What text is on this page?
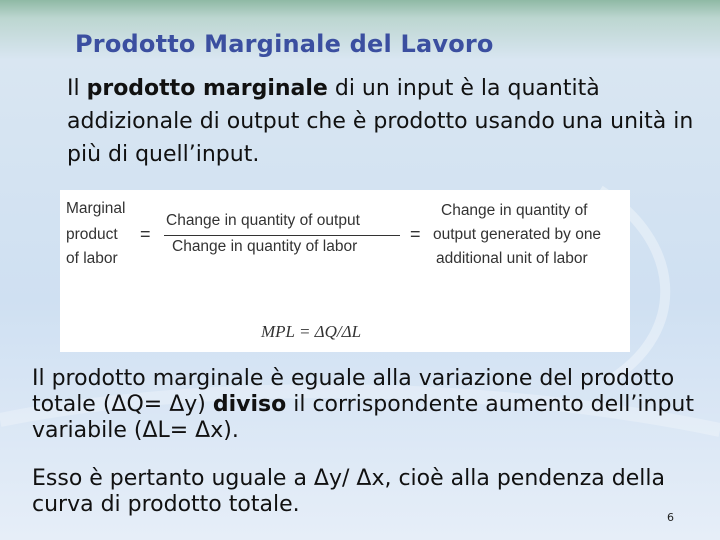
Prodotto Marginale del Lavoro

Il prodotto marginale di un input è la quantità addizionale di output che è prodotto usando una unità in più di quell’input.

Marginal
product
of labor
=
Change in quantity of output
Change in quantity of labor
=
Change in quantity of
output generated by one
additional unit of labor
MPL = ΔQ/ΔL

Il prodotto marginale è eguale alla variazione del prodotto totale (ΔQ= Δy) diviso il corrispondente aumento dell’input variabile (ΔL= Δx).

Esso è pertanto uguale a Δy/ Δx, cioè alla pendenza della curva di prodotto totale.

6
